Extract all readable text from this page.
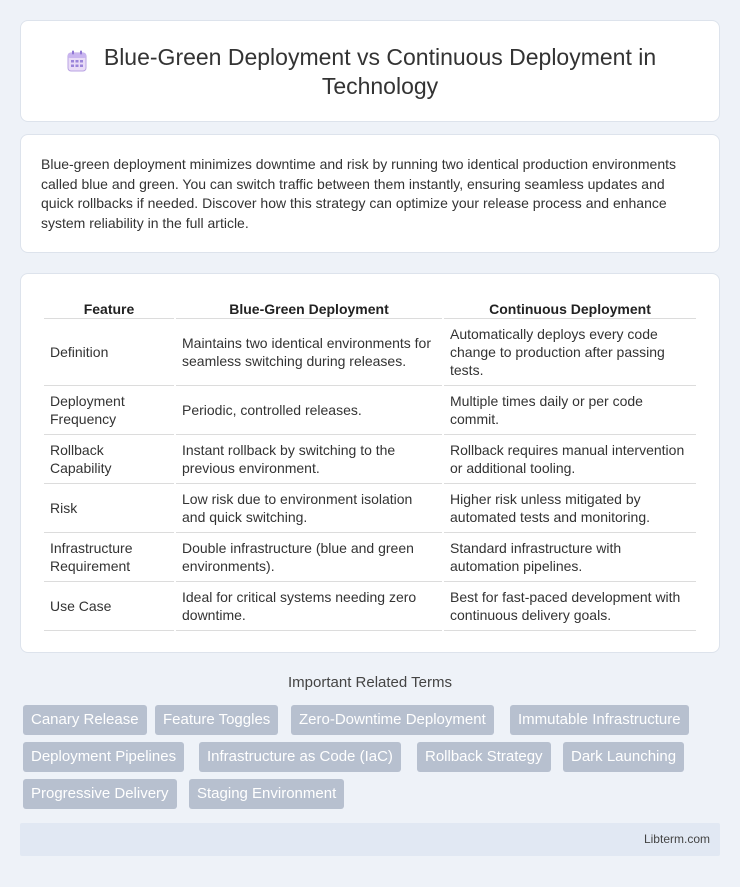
Blue-Green Deployment vs Continuous Deployment in Technology

Blue-green deployment minimizes downtime and risk by running two identical production environments called blue and green. You can switch traffic between them instantly, ensuring seamless updates and quick rollbacks if needed. Discover how this strategy can optimize your release process and enhance system reliability in the full article.

Feature	Blue-Green Deployment	Continuous Deployment
Definition	Maintains two identical environments for seamless switching during releases.	Automatically deploys every code change to production after passing tests.
Deployment Frequency	Periodic, controlled releases.	Multiple times daily or per code commit.
Rollback Capability	Instant rollback by switching to the previous environment.	Rollback requires manual intervention or additional tooling.
Risk	Low risk due to environment isolation and quick switching.	Higher risk unless mitigated by automated tests and monitoring.
Infrastructure Requirement	Double infrastructure (blue and green environments).	Standard infrastructure with automation pipelines.
Use Case	Ideal for critical systems needing zero downtime.	Best for fast-paced development with continuous delivery goals.
Important Related Terms
Canary Release	Feature Toggles	Zero-Downtime Deployment	Immutable Infrastructure
Deployment Pipelines	Infrastructure as Code (IaC)	Rollback Strategy	Dark Launching
Progressive Delivery	Staging Environment
Libterm.com
